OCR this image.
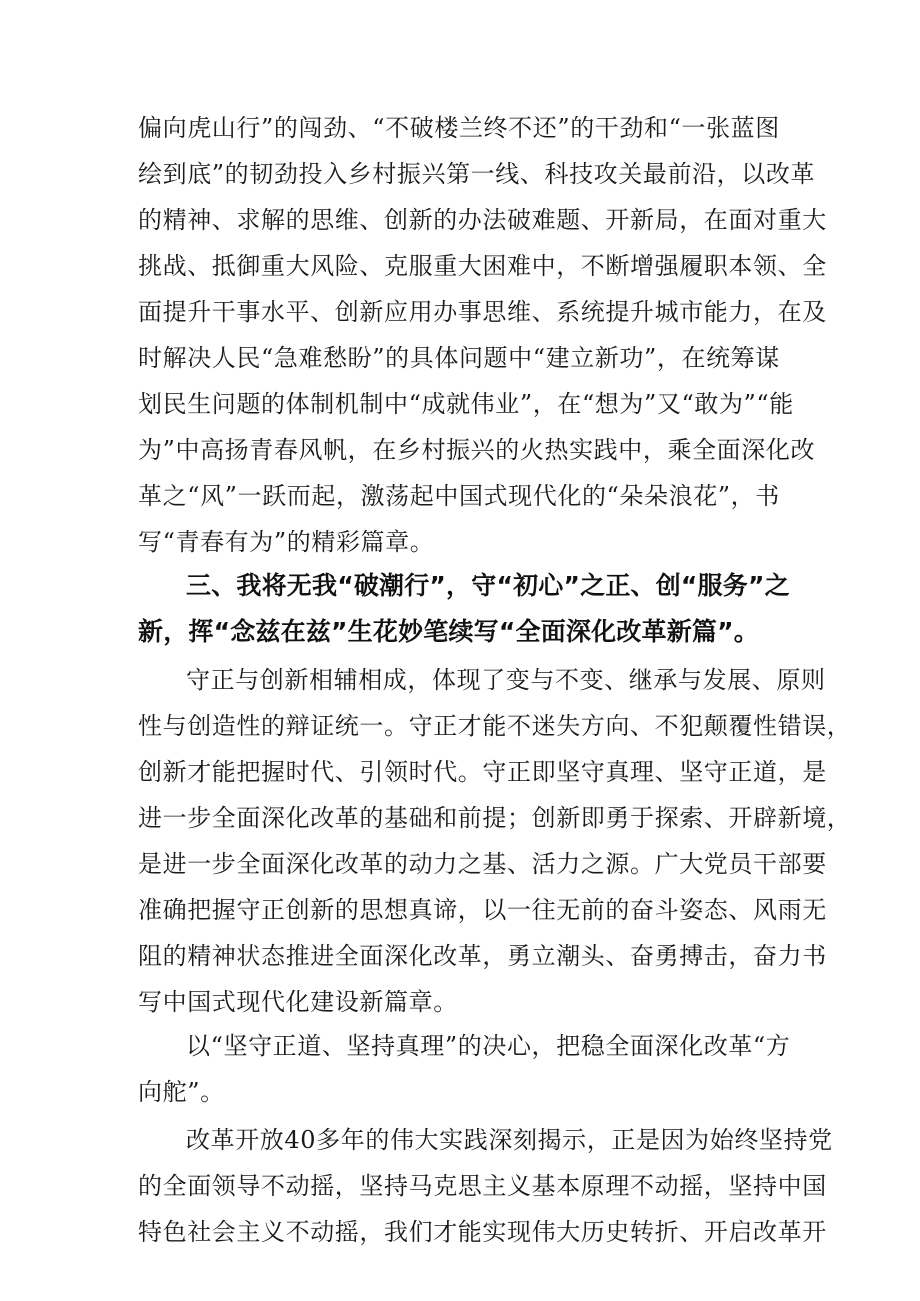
偏向虎山行”的闯劲、“不破楼兰终不还”的干劲和“一张蓝图
绘到底”的韧劲投入乡村振兴第一线、科技攻关最前沿，以改革
的精神、求解的思维、创新的办法破难题、开新局，在面对重大
挑战、抵御重大风险、克服重大困难中，不断增强履职本领、全
面提升干事水平、创新应用办事思维、系统提升城市能力，在及
时解决人民“急难愁盼”的具体问题中“建立新功”，在统筹谋
划民生问题的体制机制中“成就伟业”，在“想为”又“敢为”“能
为”中高扬青春风帆，在乡村振兴的火热实践中，乘全面深化改
革之“风”一跃而起，激荡起中国式现代化的“朵朵浪花”，书
写“青春有为”的精彩篇章。
三、我将无我“破潮行”，守“初心”之正、创“服务”之
新，挥“念兹在兹”生花妙笔续写“全面深化改革新篇”。
守正与创新相辅相成，体现了变与不变、继承与发展、原则
性与创造性的辩证统一。守正才能不迷失方向、不犯颠覆性错误，
创新才能把握时代、引领时代。守正即坚守真理、坚守正道，是
进一步全面深化改革的基础和前提；创新即勇于探索、开辟新境，
是进一步全面深化改革的动力之基、活力之源。广大党员干部要
准确把握守正创新的思想真谛，以一往无前的奋斗姿态、风雨无
阻的精神状态推进全面深化改革，勇立潮头、奋勇搏击，奋力书
写中国式现代化建设新篇章。
以“坚守正道、坚持真理”的决心，把稳全面深化改革“方
向舵”。
改革开放40多年的伟大实践深刻揭示，正是因为始终坚持党
的全面领导不动摇，坚持马克思主义基本原理不动摇，坚持中国
特色社会主义不动摇，我们才能实现伟大历史转折、开启改革开
